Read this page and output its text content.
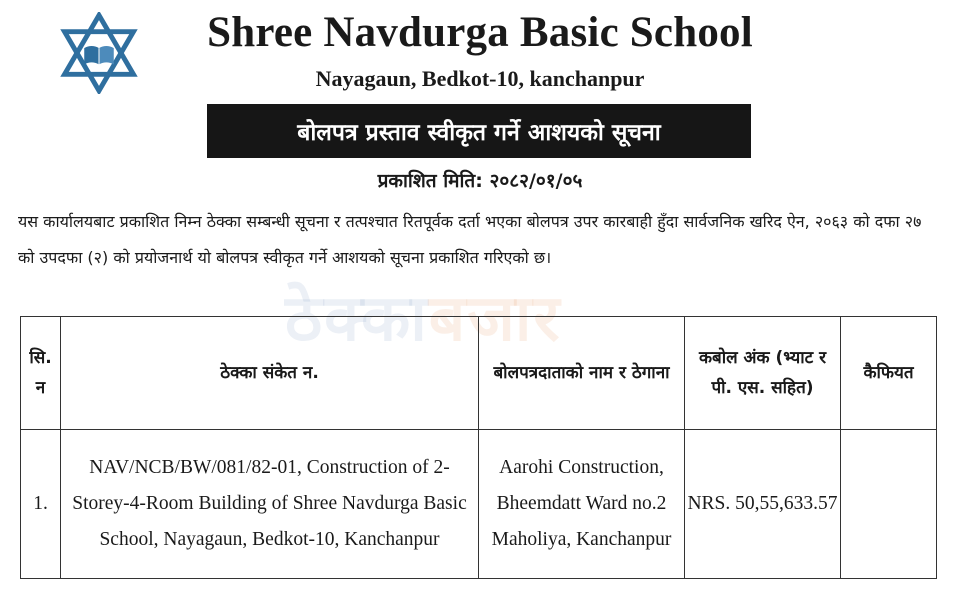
Shree Navdurga Basic School
Nayagaun, Bedkot-10, kanchanpur
बोलपत्र प्रस्ताव स्वीकृत गर्ने आशयको सूचना
प्रकाशित मिति: २०८२/०१/०५
यस कार्यालयबाट प्रकाशित निम्न ठेक्का सम्बन्धी सूचना र तत्पश्चात रितपूर्वक दर्ता भएका बोलपत्र उपर कारबाही हुँदा सार्वजनिक खरिद ऐन, २०६३ को दफा २७ को उपदफा (२) को प्रयोजनार्थ यो बोलपत्र स्वीकृत गर्ने आशयको सूचना प्रकाशित गरिएको छ।
ठेक्काबजार
सि. न	ठेक्का संकेत न.	बोलपत्रदाताको नाम र ठेगाना	कबोल अंक (भ्याट र पी. एस. सहित)	कैफियत
1.	NAV/NCB/BW/081/82-01, Construction of 2-Storey-4-Room Building of Shree Navdurga Basic School, Nayagaun, Bedkot-10, Kanchanpur	Aarohi Construction, Bheemdatt Ward no.2 Maholiya, Kanchanpur	NRS. 50,55,633.57	
